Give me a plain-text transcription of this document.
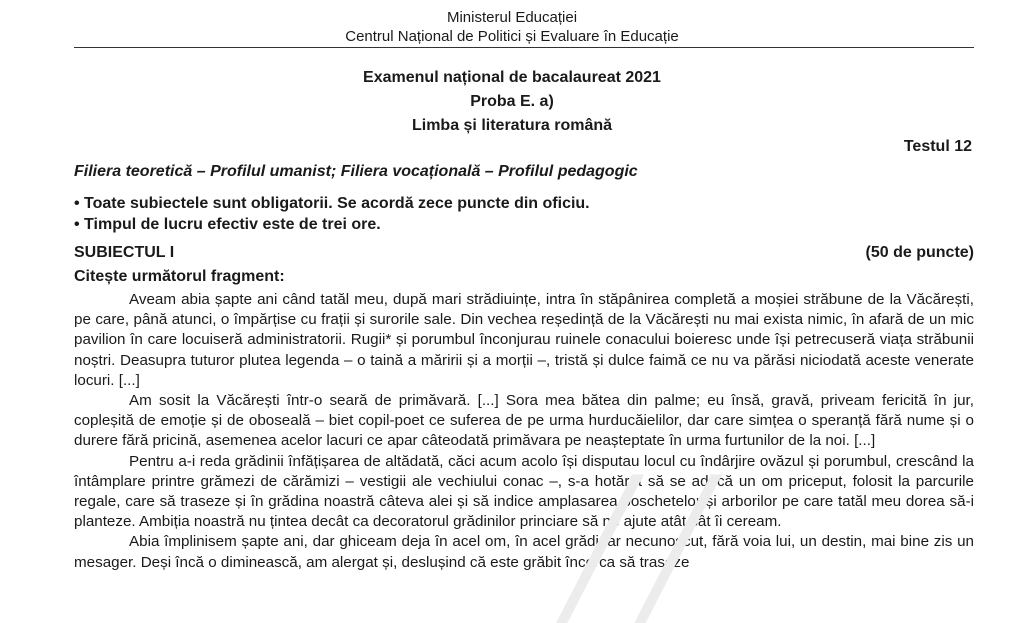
Ministerul Educației
Centrul Național de Politici și Evaluare în Educație
Examenul național de bacalaureat 2021
Proba E. a)
Limba și literatura română
Testul 12
Filiera teoretică – Profilul umanist; Filiera vocațională – Profilul pedagogic
• Toate subiectele sunt obligatorii. Se acordă zece puncte din oficiu.
• Timpul de lucru efectiv este de trei ore.
SUBIECTUL I	(50 de puncte)
Citește următorul fragment:

Aveam abia șapte ani când tatăl meu, după mari strădiuințe, intra în stăpânirea completă a moșiei străbune de la Văcărești, pe care, până atunci, o împărțise cu frații și surorile sale. Din vechea reședință de la Văcărești nu mai exista nimic, în afară de un mic pavilion în care locuiseră administratorii. Rugii* și porumbul înconjurau ruinele conacului boieresc unde își petrecuseră viața străbunii noștri. Deasupra tuturor plutea legenda – o taină a măririi și a morții –, tristă și dulce faimă ce nu va părăsi niciodată aceste venerate locuri. [...]

Am sosit la Văcărești într-o seară de primăvară. [...] Sora mea bătea din palme; eu însă, gravă, priveam fericită în jur, copleșită de emoție și de oboseală – biet copil-poet ce suferea de pe urma hurducăielilor, dar care simțea o speranță fără nume și o durere fără pricină, asemenea acelor lacuri ce apar câteodată primăvara pe neașteptate în urma furtunilor de la noi. [...]

Pentru a-i reda grădinii înfățișarea de altădată, căci acum acolo își disputau locul cu îndârjire ovăzul și porumbul, crescând la întâmplare printre grămezi de cărămizi – vestigii ale vechiului conac –, s-a hotărât să se aducă un om priceput, folosit la parcurile regale, care să traseze și în grădina noastră câteva alei și să indice amplasarea boschetelor și arborilor pe care tatăl meu dorea să-i planteze. Ambiția noastră nu țintea decât ca decoratorul grădinilor princiare să ne ajute atât cât îi ceream.

Abia împlinisem șapte ani, dar ghiceam deja în acel om, în acel grădinar necunoscut, fără voia lui, un destin, mai bine zis un mesager. Deși încă o diminească, am alergat și, deslușind că este grăbit încerca să traseze

╱╱
